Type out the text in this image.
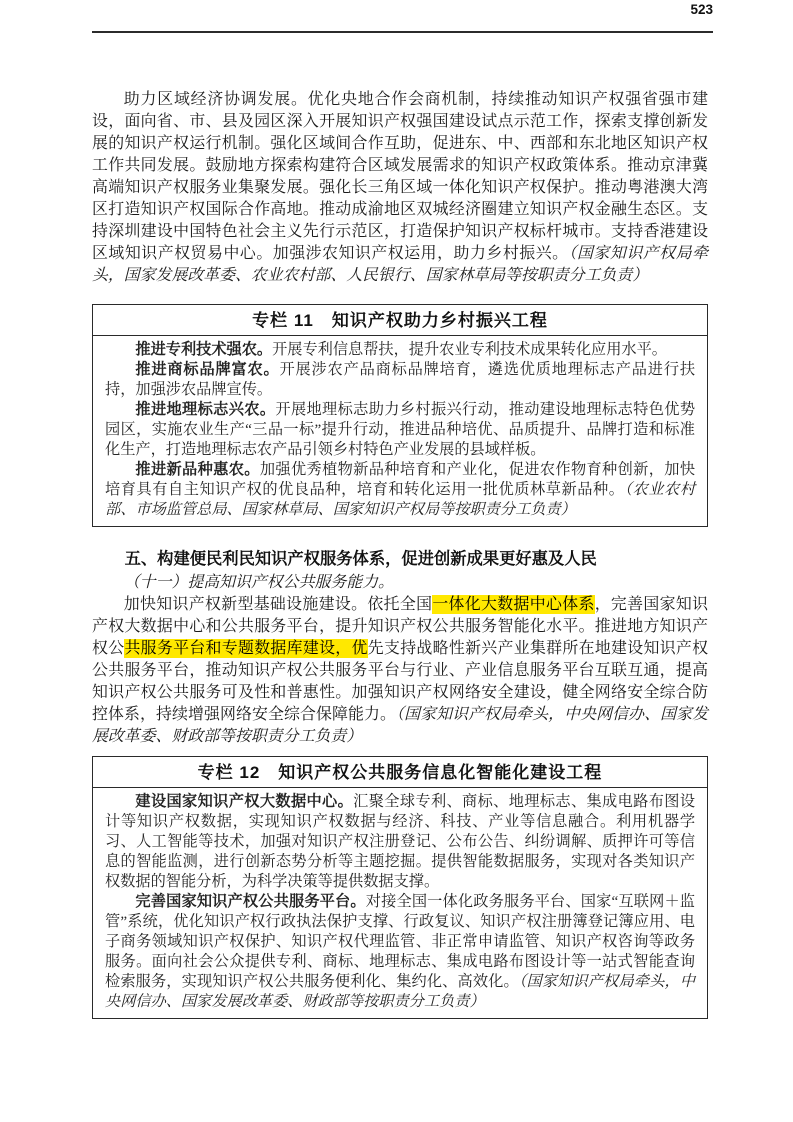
523

助力区域经济协调发展。优化央地合作会商机制，持续推动知识产权强省强市建设，面向省、市、县及园区深入开展知识产权强国建设试点示范工作，探索支撑创新发展的知识产权运行机制。强化区域间合作互助，促进东、中、西部和东北地区知识产权工作共同发展。鼓励地方探索构建符合区域发展需求的知识产权政策体系。推动京津冀高端知识产权服务业集聚发展。强化长三角区域一体化知识产权保护。推动粤港澳大湾区打造知识产权国际合作高地。推动成渝地区双城经济圈建立知识产权金融生态区。支持深圳建设中国特色社会主义先行示范区，打造保护知识产权标杆城市。支持香港建设区域知识产权贸易中心。加强涉农知识产权运用，助力乡村振兴。（国家知识产权局牵头，国家发展改革委、农业农村部、人民银行、国家林草局等按职责分工负责）

专栏 11　知识产权助力乡村振兴工程

推进专利技术强农。开展专利信息帮扶，提升农业专利技术成果转化应用水平。

推进商标品牌富农。开展涉农产品商标品牌培育，遴选优质地理标志产品进行扶持，加强涉农品牌宣传。

推进地理标志兴农。开展地理标志助力乡村振兴行动，推动建设地理标志特色优势园区，实施农业生产“三品一标”提升行动，推进品种培优、品质提升、品牌打造和标准化生产，打造地理标志农产品引领乡村特色产业发展的县域样板。

推进新品种惠农。加强优秀植物新品种培育和产业化，促进农作物育种创新，加快培育具有自主知识产权的优良品种，培育和转化运用一批优质林草新品种。（农业农村部、市场监管总局、国家林草局、国家知识产权局等按职责分工负责）

五、构建便民利民知识产权服务体系，促进创新成果更好惠及人民

（十一）提高知识产权公共服务能力。

加快知识产权新型基础设施建设。依托全国一体化大数据中心体系，完善国家知识产权大数据中心和公共服务平台，提升知识产权公共服务智能化水平。推进地方知识产权公共服务平台和专题数据库建设，优先支持战略性新兴产业集群所在地建设知识产权公共服务平台，推动知识产权公共服务平台与行业、产业信息服务平台互联互通，提高知识产权公共服务可及性和普惠性。加强知识产权网络安全建设，健全网络安全综合防控体系，持续增强网络安全综合保障能力。（国家知识产权局牵头，中央网信办、国家发展改革委、财政部等按职责分工负责）

专栏 12　知识产权公共服务信息化智能化建设工程

建设国家知识产权大数据中心。汇聚全球专利、商标、地理标志、集成电路布图设计等知识产权数据，实现知识产权数据与经济、科技、产业等信息融合。利用机器学习、人工智能等技术，加强对知识产权注册登记、公布公告、纠纷调解、质押许可等信息的智能监测，进行创新态势分析等主题挖掘。提供智能数据服务，实现对各类知识产权数据的智能分析，为科学决策等提供数据支撑。

完善国家知识产权公共服务平台。对接全国一体化政务服务平台、国家“互联网＋监管”系统，优化知识产权行政执法保护支撑、行政复议、知识产权注册簿登记簿应用、电子商务领域知识产权保护、知识产权代理监管、非正常申请监管、知识产权咨询等政务服务。面向社会公众提供专利、商标、地理标志、集成电路布图设计等一站式智能查询检索服务，实现知识产权公共服务便利化、集约化、高效化。（国家知识产权局牵头，中央网信办、国家发展改革委、财政部等按职责分工负责）
